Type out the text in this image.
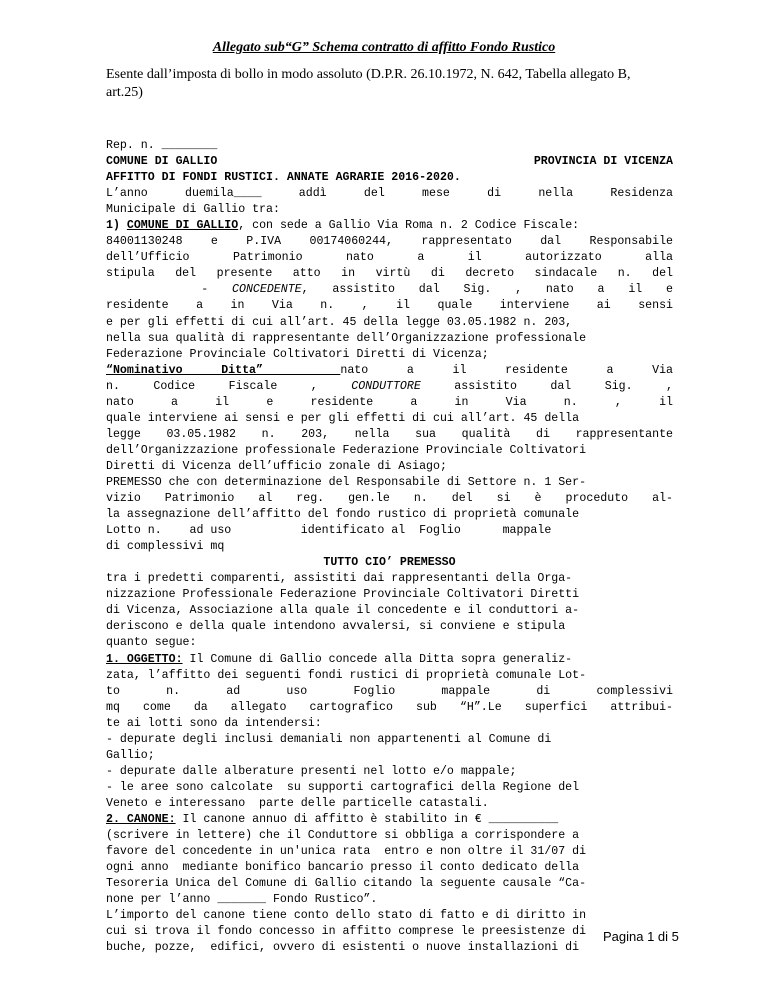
Allegato sub“G” Schema contratto di affitto Fondo Rustico
Esente dall’imposta di bollo in modo assoluto (D.P.R. 26.10.1972, N. 642, Tabella allegato B, art.25)
Rep. n. ________
COMUNE DI GALLIO	PROVINCIA DI VICENZA
AFFITTO DI FONDI RUSTICI. ANNATE AGRARIE 2016-2020.
L’anno duemila____ addì del mese di nella Residenza
Municipale di Gallio tra:
1) COMUNE DI GALLIO, con sede a Gallio Via Roma n. 2 Codice Fiscale:
84001130248 e P.IVA 00174060244, rappresentato dal Responsabile
dell’Ufficio Patrimonio nato a il autorizzato alla
stipula del presente atto in virtù di decreto sindacale n. del
- CONCEDENTE, assistito dal Sig. , nato a il e
residente a in Via n. , il quale interviene ai sensi
e per gli effetti di cui all’art. 45 della legge 03.05.1982 n. 203,
nella sua qualità di rappresentante dell’Organizzazione professionale
Federazione Provinciale Coltivatori Diretti di Vicenza;
“Nominativo Ditta”  nato a il residente a Via
n. Codice Fiscale , CONDUTTORE assistito dal Sig. ,
nato a il e residente a in Via n. , il
quale interviene ai sensi e per gli effetti di cui all’art. 45 della
legge 03.05.1982 n. 203, nella sua qualità di rappresentante
dell’Organizzazione professionale Federazione Provinciale Coltivatori
Diretti di Vicenza dell’ufficio zonale di Asiago;
PREMESSO che con determinazione del Responsabile di Settore n. 1 Ser-
vizio Patrimonio al reg. gen.le n. del si è proceduto al-
la assegnazione dell’affitto del fondo rustico di proprietà comunale
Lotto n.    ad uso          identificato al  Foglio      mappale
di complessivi mq
TUTTO CIO’ PREMESSO
tra i predetti comparenti, assistiti dai rappresentanti della Orga-
nizzazione Professionale Federazione Provinciale Coltivatori Diretti
di Vicenza, Associazione alla quale il concedente e il conduttori a-
deriscono e della quale intendono avvalersi, si conviene e stipula
quanto segue:
1. OGGETTO: Il Comune di Gallio concede alla Ditta sopra generaliz-
zata, l’affitto dei seguenti fondi rustici di proprietà comunale Lot-
to n. ad uso Foglio mappale di complessivi
mq come da allegato cartografico sub “H”.Le superfici attribui-
te ai lotti sono da intendersi:
- depurate degli inclusi demaniali non appartenenti al Comune di
Gallio;
- depurate dalle alberature presenti nel lotto e/o mappale;
- le aree sono calcolate  su supporti cartografici della Regione del
Veneto e interessano  parte delle particelle catastali.
2. CANONE: Il canone annuo di affitto è stabilito in € __________
(scrivere in lettere) che il Conduttore si obbliga a corrispondere a
favore del concedente in un'unica rata  entro e non oltre il 31/07 di
ogni anno  mediante bonifico bancario presso il conto dedicato della
Tesoreria Unica del Comune di Gallio citando la seguente causale “Ca-
none per l’anno _______ Fondo Rustico”.
L’importo del canone tiene conto dello stato di fatto e di diritto in
cui si trova il fondo concesso in affitto comprese le preesistenze di
buche, pozze,  edifici, ovvero di esistenti o nuove installazioni di
Pagina 1 di 5
